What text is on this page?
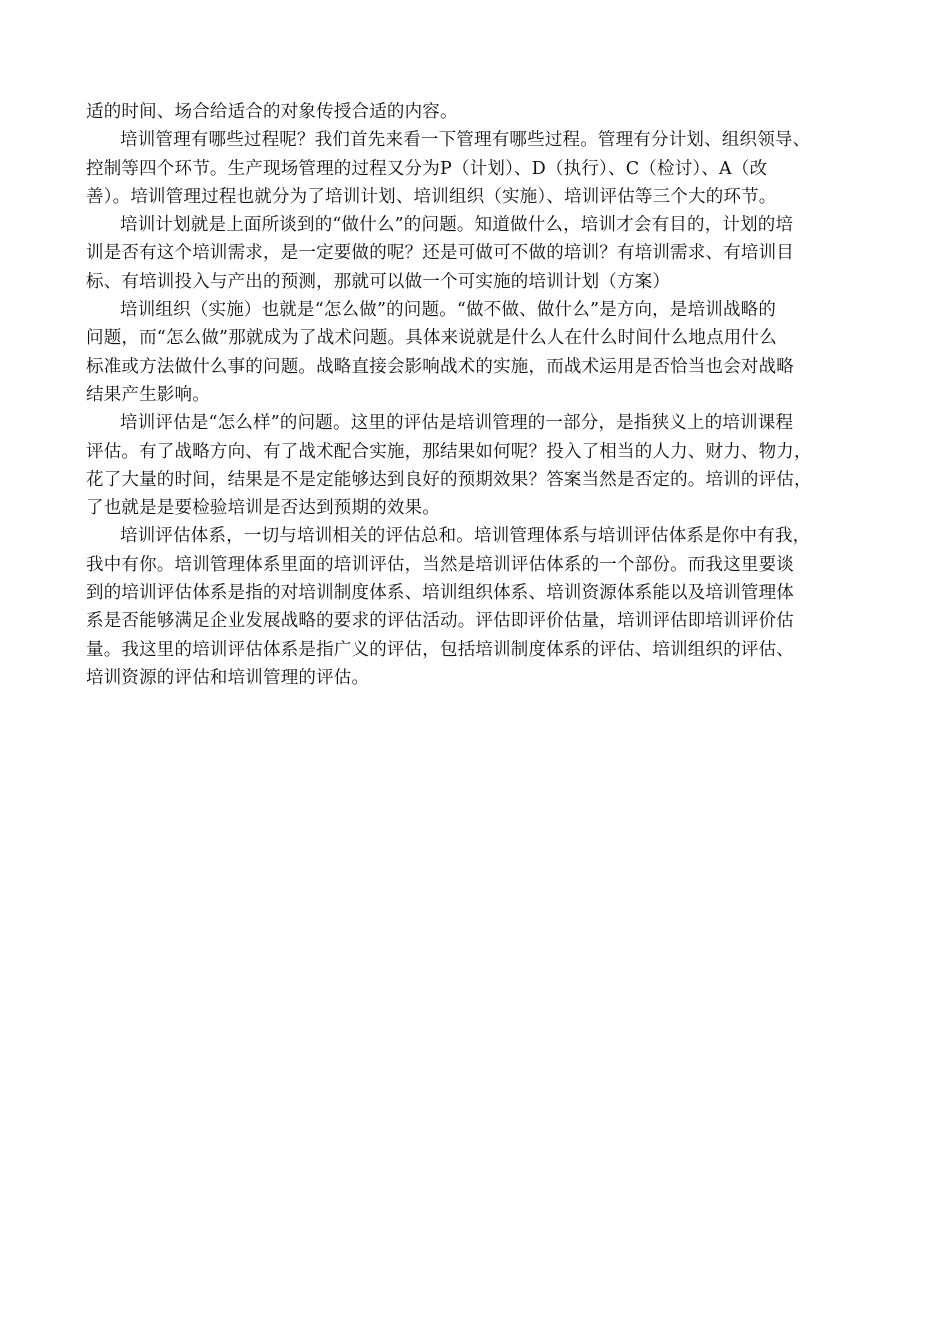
适的时间、场合给适合的对象传授合适的内容。
培训管理有哪些过程呢？我们首先来看一下管理有哪些过程。管理有分计划、组织领导、
控制等四个环节。生产现场管理的过程又分为P（计划）、D（执行）、C（检讨）、A（改
善）。培训管理过程也就分为了培训计划、培训组织（实施）、培训评估等三个大的环节。
培训计划就是上面所谈到的“做什么”的问题。知道做什么，培训才会有目的，计划的培
训是否有这个培训需求，是一定要做的呢？还是可做可不做的培训？有培训需求、有培训目
标、有培训投入与产出的预测，那就可以做一个可实施的培训计划（方案）
培训组织（实施）也就是“怎么做”的问题。“做不做、做什么”是方向，是培训战略的
问题，而“怎么做”那就成为了战术问题。具体来说就是什么人在什么时间什么地点用什么
标准或方法做什么事的问题。战略直接会影响战术的实施，而战术运用是否恰当也会对战略
结果产生影响。
培训评估是“怎么样”的问题。这里的评估是培训管理的一部分，是指狭义上的培训课程
评估。有了战略方向、有了战术配合实施，那结果如何呢？投入了相当的人力、财力、物力，
花了大量的时间，结果是不是定能够达到良好的预期效果？答案当然是否定的。培训的评估，
了也就是是要检验培训是否达到预期的效果。
培训评估体系，一切与培训相关的评估总和。培训管理体系与培训评估体系是你中有我，
我中有你。培训管理体系里面的培训评估，当然是培训评估体系的一个部份。而我这里要谈
到的培训评估体系是指的对培训制度体系、培训组织体系、培训资源体系能以及培训管理体
系是否能够满足企业发展战略的要求的评估活动。评估即评价估量，培训评估即培训评价估
量。我这里的培训评估体系是指广义的评估，包括培训制度体系的评估、培训组织的评估、
培训资源的评估和培训管理的评估。
